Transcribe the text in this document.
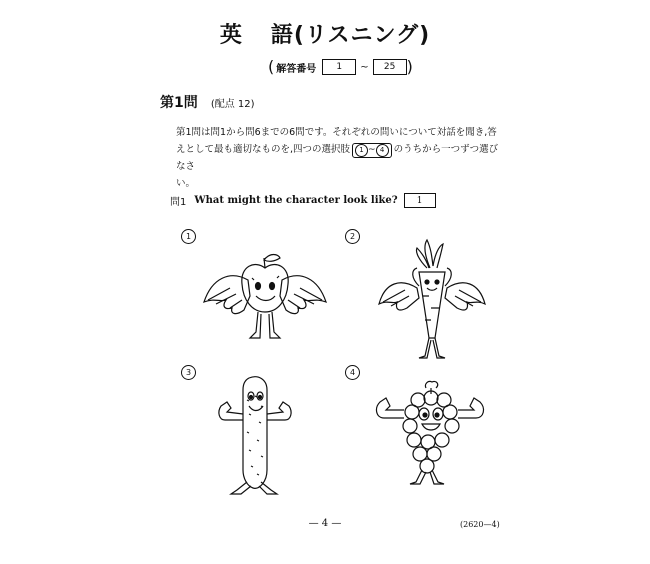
英 語(リスニング)
( 解答番号	1	~	25 )
第1問 (配点 12)
第1問は問1から問6までの6問です。それぞれの問いについて対話を聞き,答
えとして最も適切なものを,四つの選択肢	1 ~ 4 のうちから一つずつ選びなさ
い。
問1 What might the character look like?	1
1	2
3	4
— 4 —	(2620—4)
